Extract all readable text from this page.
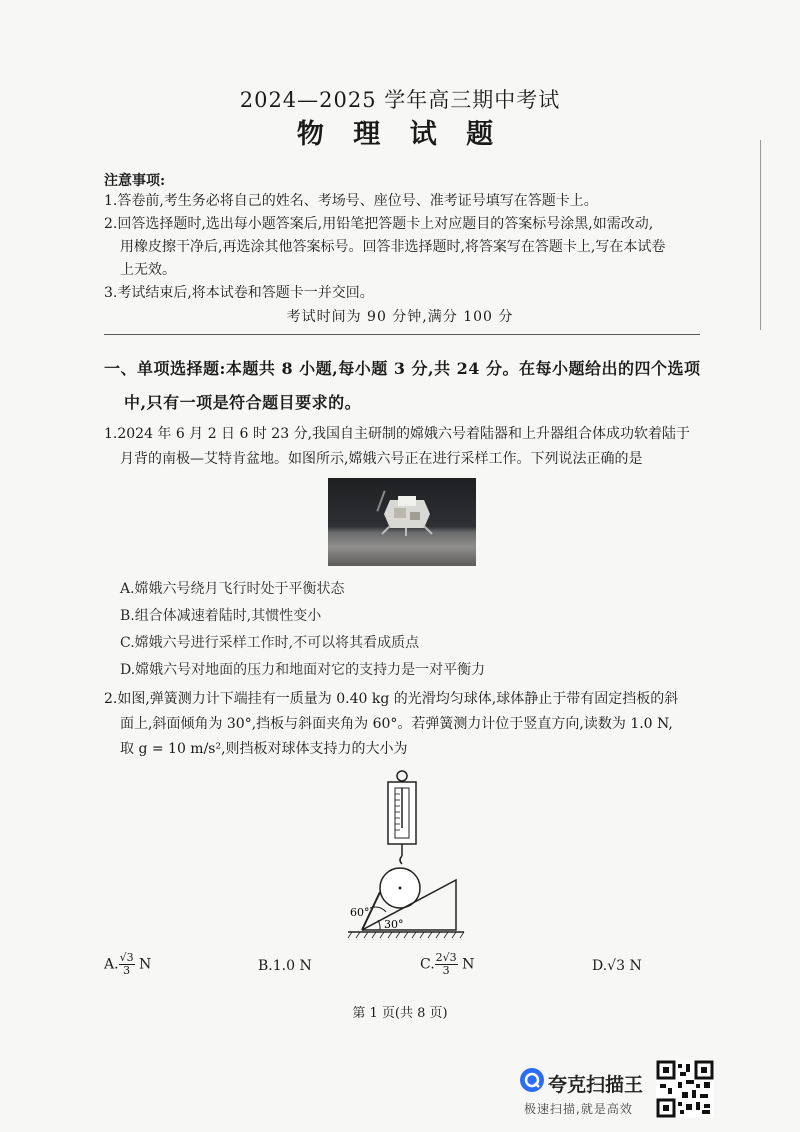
2024—2025 学年高三期中考试
物 理 试 题
注意事项:
1.答卷前,考生务必将自己的姓名、考场号、座位号、准考证号填写在答题卡上。
2.回答选择题时,选出每小题答案后,用铅笔把答题卡上对应题目的答案标号涂黑,如需改动,
用橡皮擦干净后,再选涂其他答案标号。回答非选择题时,将答案写在答题卡上,写在本试卷
上无效。
3.考试结束后,将本试卷和答题卡一并交回。
考试时间为 90 分钟,满分 100 分
一、单项选择题:本题共 8 小题,每小题 3 分,共 24 分。在每小题给出的四个选项
中,只有一项是符合题目要求的。
1.2024 年 6 月 2 日 6 时 23 分,我国自主研制的嫦娥六号着陆器和上升器组合体成功软着陆于
月背的南极—艾特肯盆地。如图所示,嫦娥六号正在进行采样工作。下列说法正确的是
A.嫦娥六号绕月飞行时处于平衡状态
B.组合体减速着陆时,其惯性变小
C.嫦娥六号进行采样工作时,不可以将其看成质点
D.嫦娥六号对地面的压力和地面对它的支持力是一对平衡力
2.如图,弹簧测力计下端挂有一质量为 0.40 kg 的光滑均匀球体,球体静止于带有固定挡板的斜
面上,斜面倾角为 30°,挡板与斜面夹角为 60°。若弹簧测力计位于竖直方向,读数为 1.0 N,
取 g = 10 m/s²,则挡板对球体支持力的大小为
60°
30°
A. $\frac{√3}{3}$ N	B.1.0 N	C. $\frac{2√3}{3}$ N	D.√3 N
第 1 页(共 8 页)
夸克扫描王
极速扫描,就是高效
